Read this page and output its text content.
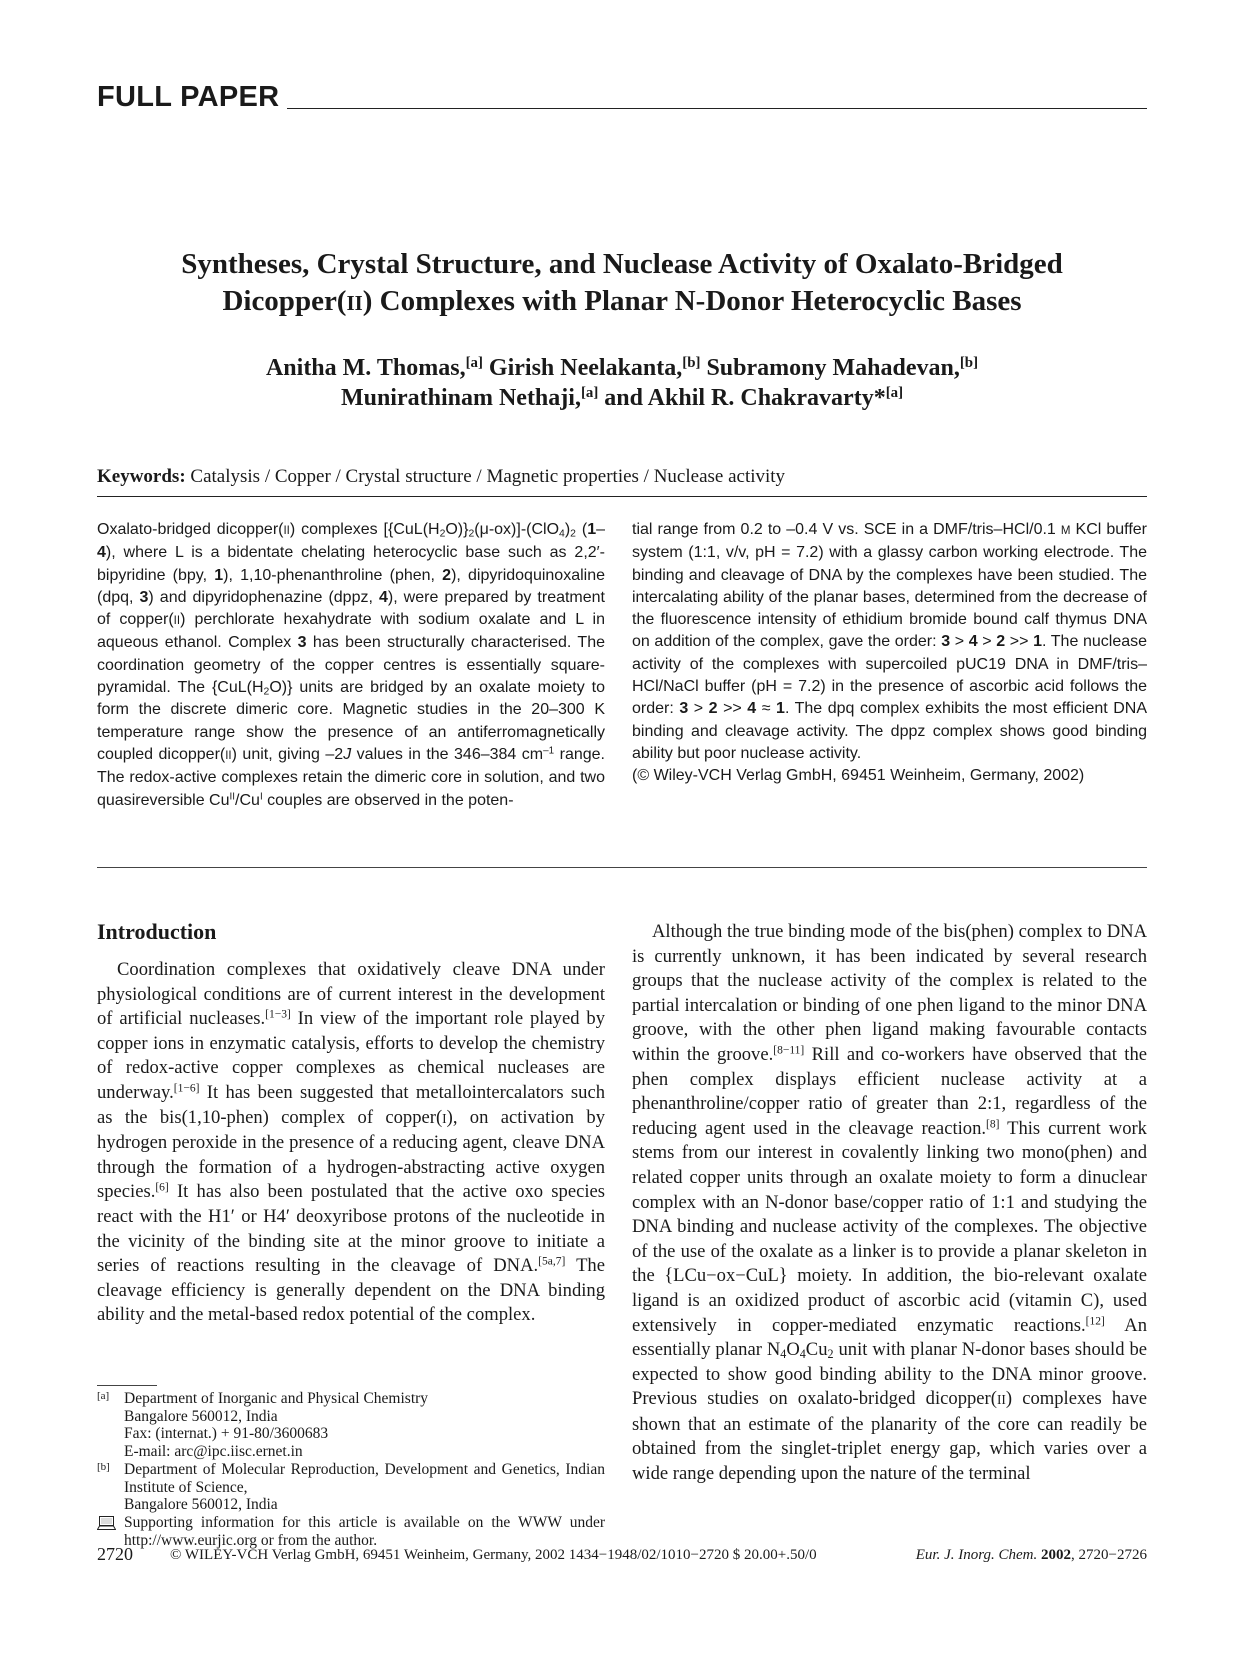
FULL PAPER
Syntheses, Crystal Structure, and Nuclease Activity of Oxalato-Bridged
Dicopper(II) Complexes with Planar N-Donor Heterocyclic Bases
Anitha M. Thomas,[a] Girish Neelakanta,[b] Subramony Mahadevan,[b]
Munirathinam Nethaji,[a] and Akhil R. Chakravarty*[a]
Keywords: Catalysis / Copper / Crystal structure / Magnetic properties / Nuclease activity

Oxalato-bridged dicopper(II) complexes $[\{CuL(H_2O)\}_2(\mu-ox)]-(ClO_4)_2$ (1–4), where L is a bidentate chelating heterocyclic base such as 2,2′-bipyridine (bpy, 1), 1,10-phenanthroline (phen, 2), dipyridoquinoxaline (dpq, 3) and dipyridophenazine (dppz, 4), were prepared by treatment of copper(II) perchlorate hexahydrate with sodium oxalate and L in aqueous ethanol. Complex 3 has been structurally characterised. The coordination geometry of the copper centres is essentially square-pyramidal. The $\{CuL(H_2O)\}$ units are bridged by an oxalate moiety to form the discrete dimeric core. Magnetic studies in the 20–300 K temperature range show the presence of an antiferromagnetically coupled dicopper(II) unit, giving –2J values in the 346–384 $cm^{-1}$ range. The redox-active complexes retain the dimeric core in solution, and two quasireversible $Cu^{II}/Cu^I$ couples are observed in the poten-

tial range from 0.2 to –0.4 V vs. SCE in a DMF/tris–HCl/0.1 M KCl buffer system (1:1, v/v, pH = 7.2) with a glassy carbon working electrode. The binding and cleavage of DNA by the complexes have been studied. The intercalating ability of the planar bases, determined from the decrease of the fluorescence intensity of ethidium bromide bound calf thymus DNA on addition of the complex, gave the order: 3 > 4 > 2 >> 1. The nuclease activity of the complexes with supercoiled pUC19 DNA in DMF/tris–HCl/NaCl buffer (pH = 7.2) in the presence of ascorbic acid follows the order: 3 > 2 >> 4 ≈ 1. The dpq complex exhibits the most efficient DNA binding and cleavage activity. The dppz complex shows good binding ability but poor nuclease activity.
(© Wiley-VCH Verlag GmbH, 69451 Weinheim, Germany, 2002)

Introduction
Coordination complexes that oxidatively cleave DNA under physiological conditions are of current interest in the development of artificial nucleases.[1−3] In view of the important role played by copper ions in enzymatic catalysis, efforts to develop the chemistry of redox-active copper complexes as chemical nucleases are underway.[1−6] It has been suggested that metallointercalators such as the bis(1,10-phen) complex of copper(I), on activation by hydrogen peroxide in the presence of a reducing agent, cleave DNA through the formation of a hydrogen-abstracting active oxygen species.[6] It has also been postulated that the active oxo species react with the H1′ or H4′ deoxyribose protons of the nucleotide in the vicinity of the binding site at the minor groove to initiate a series of reactions resulting in the cleavage of DNA.[5a,7] The cleavage efficiency is generally dependent on the DNA binding ability and the metal-based redox potential of the complex.
Although the true binding mode of the bis(phen) complex to DNA is currently unknown, it has been indicated by several research groups that the nuclease activity of the complex is related to the partial intercalation or binding of one phen ligand to the minor DNA groove, with the other phen ligand making favourable contacts within the groove.[8−11] Rill and co-workers have observed that the phen complex displays efficient nuclease activity at a phenanthroline/copper ratio of greater than 2:1, regardless of the reducing agent used in the cleavage reaction.[8] This current work stems from our interest in covalently linking two mono(phen) and related copper units through an oxalate moiety to form a dinuclear complex with an N-donor base/copper ratio of 1:1 and studying the DNA binding and nuclease activity of the complexes. The objective of the use of the oxalate as a linker is to provide a planar skeleton in the {LCu−ox−CuL} moiety. In addition, the bio-relevant oxalate ligand is an oxidized product of ascorbic acid (vitamin C), used extensively in copper-mediated enzymatic reactions.[12] An essentially planar $N_4O_4Cu_2$ unit with planar N-donor bases should be expected to show good binding ability to the DNA minor groove. Previous studies on oxalato-bridged dicopper(II) complexes have shown that an estimate of the planarity of the core can readily be obtained from the singlet-triplet energy gap, which varies over a wide range depending upon the nature of the terminal
[a] Department of Inorganic and Physical Chemistry
Bangalore 560012, India
Fax: (internat.) + 91-80/3600683
E-mail: arc@ipc.iisc.ernet.in
[b] Department of Molecular Reproduction, Development and Genetics, Indian Institute of Science,
Bangalore 560012, India
Supporting information for this article is available on the WWW under http://www.eurjic.org or from the author.
2720 © WILEY-VCH Verlag GmbH, 69451 Weinheim, Germany, 2002 1434−1948/02/1010−2720 $ 20.00+.50/0	Eur. J. Inorg. Chem. 2002, 2720−2726
